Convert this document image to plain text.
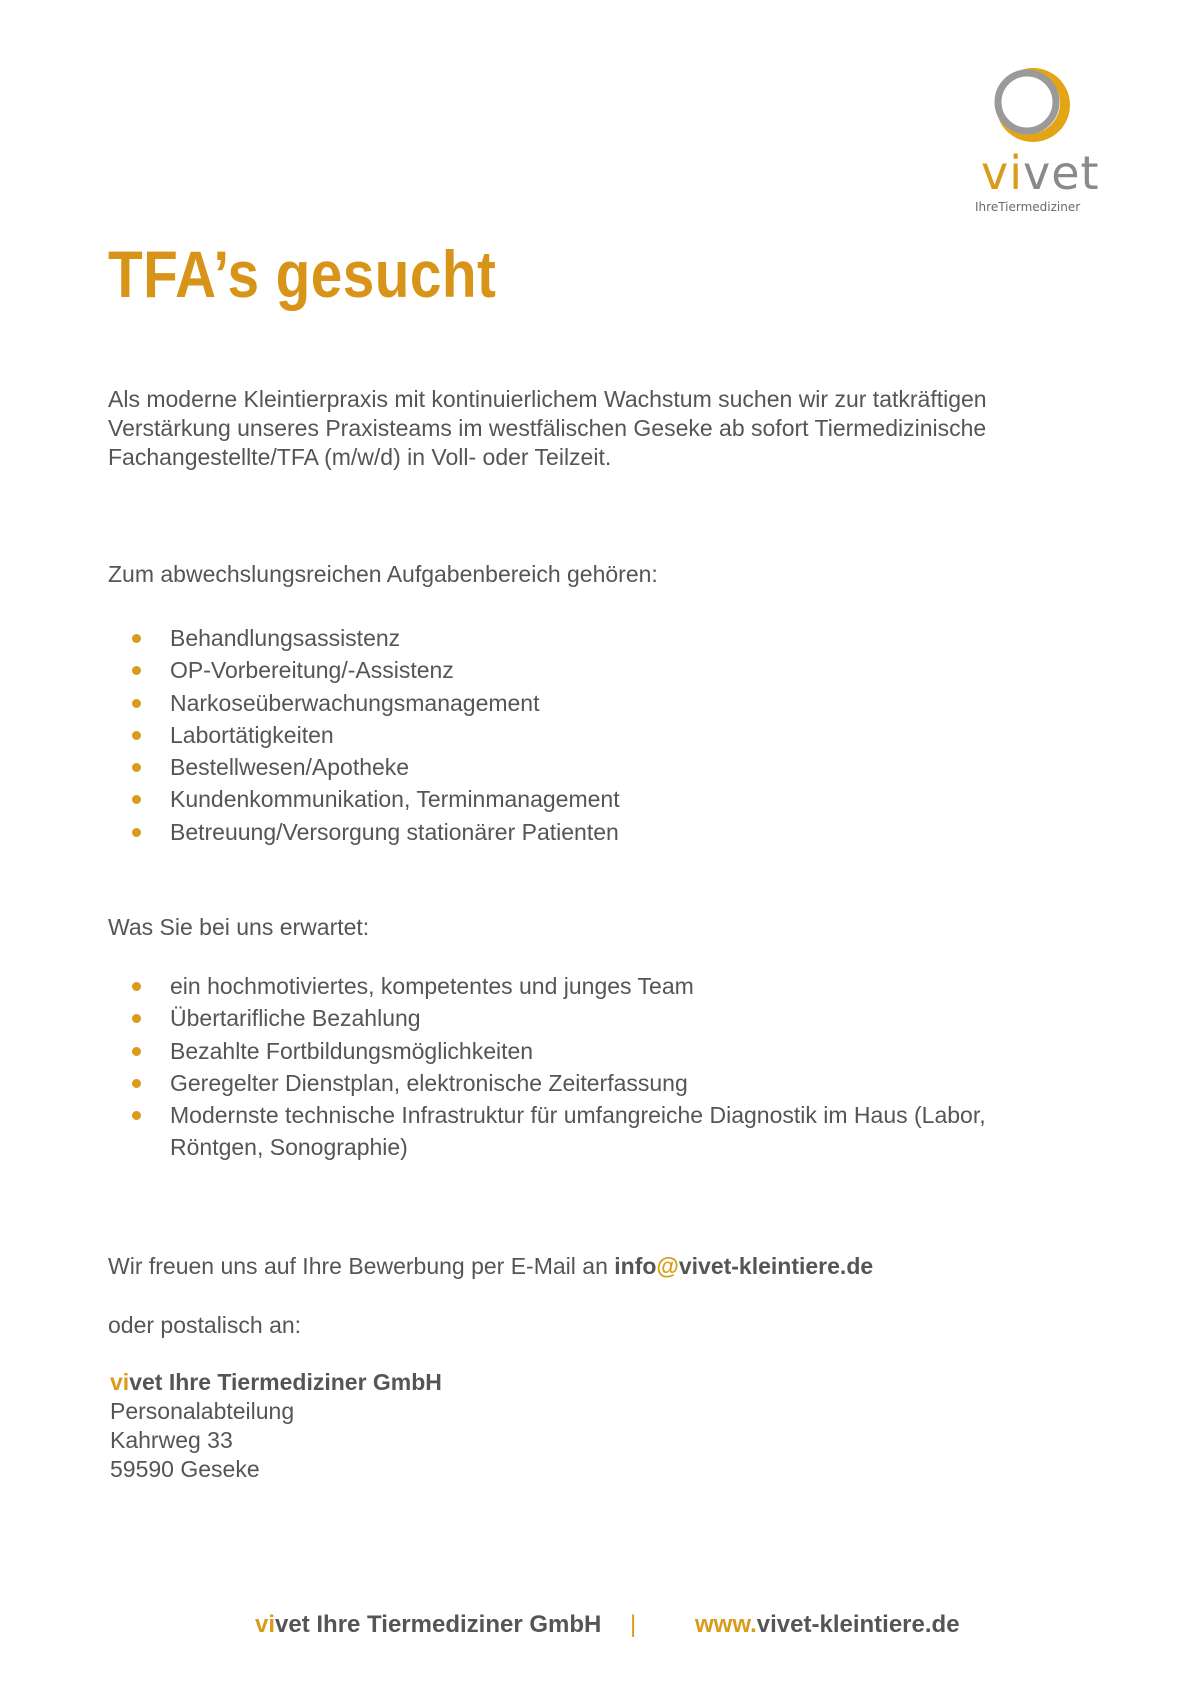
vivet
IhreTiermediziner
TFA’s gesucht

Als moderne Kleintierpraxis mit kontinuierlichem Wachstum suchen wir zur tatkräftigen Verstärkung unseres Praxisteams im westfälischen Geseke ab sofort Tiermedizinische Fachangestellte/TFA (m/w/d) in Voll- oder Teilzeit.

Zum abwechslungsreichen Aufgabenbereich gehören:

Behandlungsassistenz
OP-Vorbereitung/-Assistenz
Narkoseüberwachungsmanagement
Labortätigkeiten
Bestellwesen/Apotheke
Kundenkommunikation, Terminmanagement
Betreuung/Versorgung stationärer Patienten

Was Sie bei uns erwartet:

ein hochmotiviertes, kompetentes und junges Team
Übertarifliche Bezahlung
Bezahlte Fortbildungsmöglichkeiten
Geregelter Dienstplan, elektronische Zeiterfassung
Modernste technische Infrastruktur für umfangreiche Diagnostik im Haus (Labor, Röntgen, Sonographie)

Wir freuen uns auf Ihre Bewerbung per E-Mail an info@vivet-kleintiere.de

oder postalisch an:

vivet Ihre Tiermediziner GmbH
Personalabteilung
Kahrweg 33
59590 Geseke
vivet Ihre Tiermediziner GmbH | www.vivet-kleintiere.de
